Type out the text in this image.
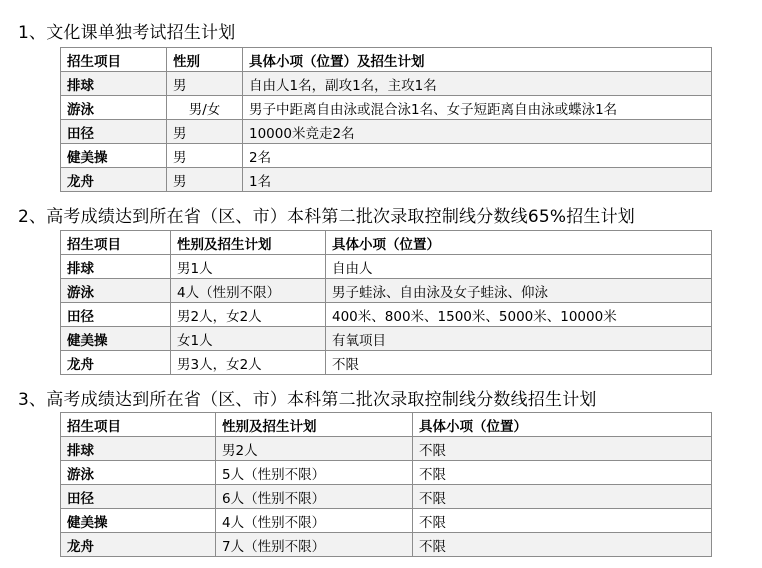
1、文化课单独考试招生计划
招生项目	性别	具体小项（位置）及招生计划
排球	男	自由人1名，副攻1名，主攻1名
游泳	男/女	男子中距离自由泳或混合泳1名、女子短距离自由泳或蝶泳1名
田径	男	10000米竞走2名
健美操	男	2名
龙舟	男	1名
2、高考成绩达到所在省（区、市）本科第二批次录取控制线分数线65%招生计划
招生项目	性别及招生计划	具体小项（位置）
排球	男1人	自由人
游泳	4人（性别不限）	男子蛙泳、自由泳及女子蛙泳、仰泳
田径	男2人，女2人	400米、800米、1500米、5000米、10000米
健美操	女1人	有氧项目
龙舟	男3人，女2人	不限
3、高考成绩达到所在省（区、市）本科第二批次录取控制线分数线招生计划
招生项目	性别及招生计划	具体小项（位置）
排球	男2人	不限
游泳	5人（性别不限）	不限
田径	6人（性别不限）	不限
健美操	4人（性别不限）	不限
龙舟	7人（性别不限）	不限
